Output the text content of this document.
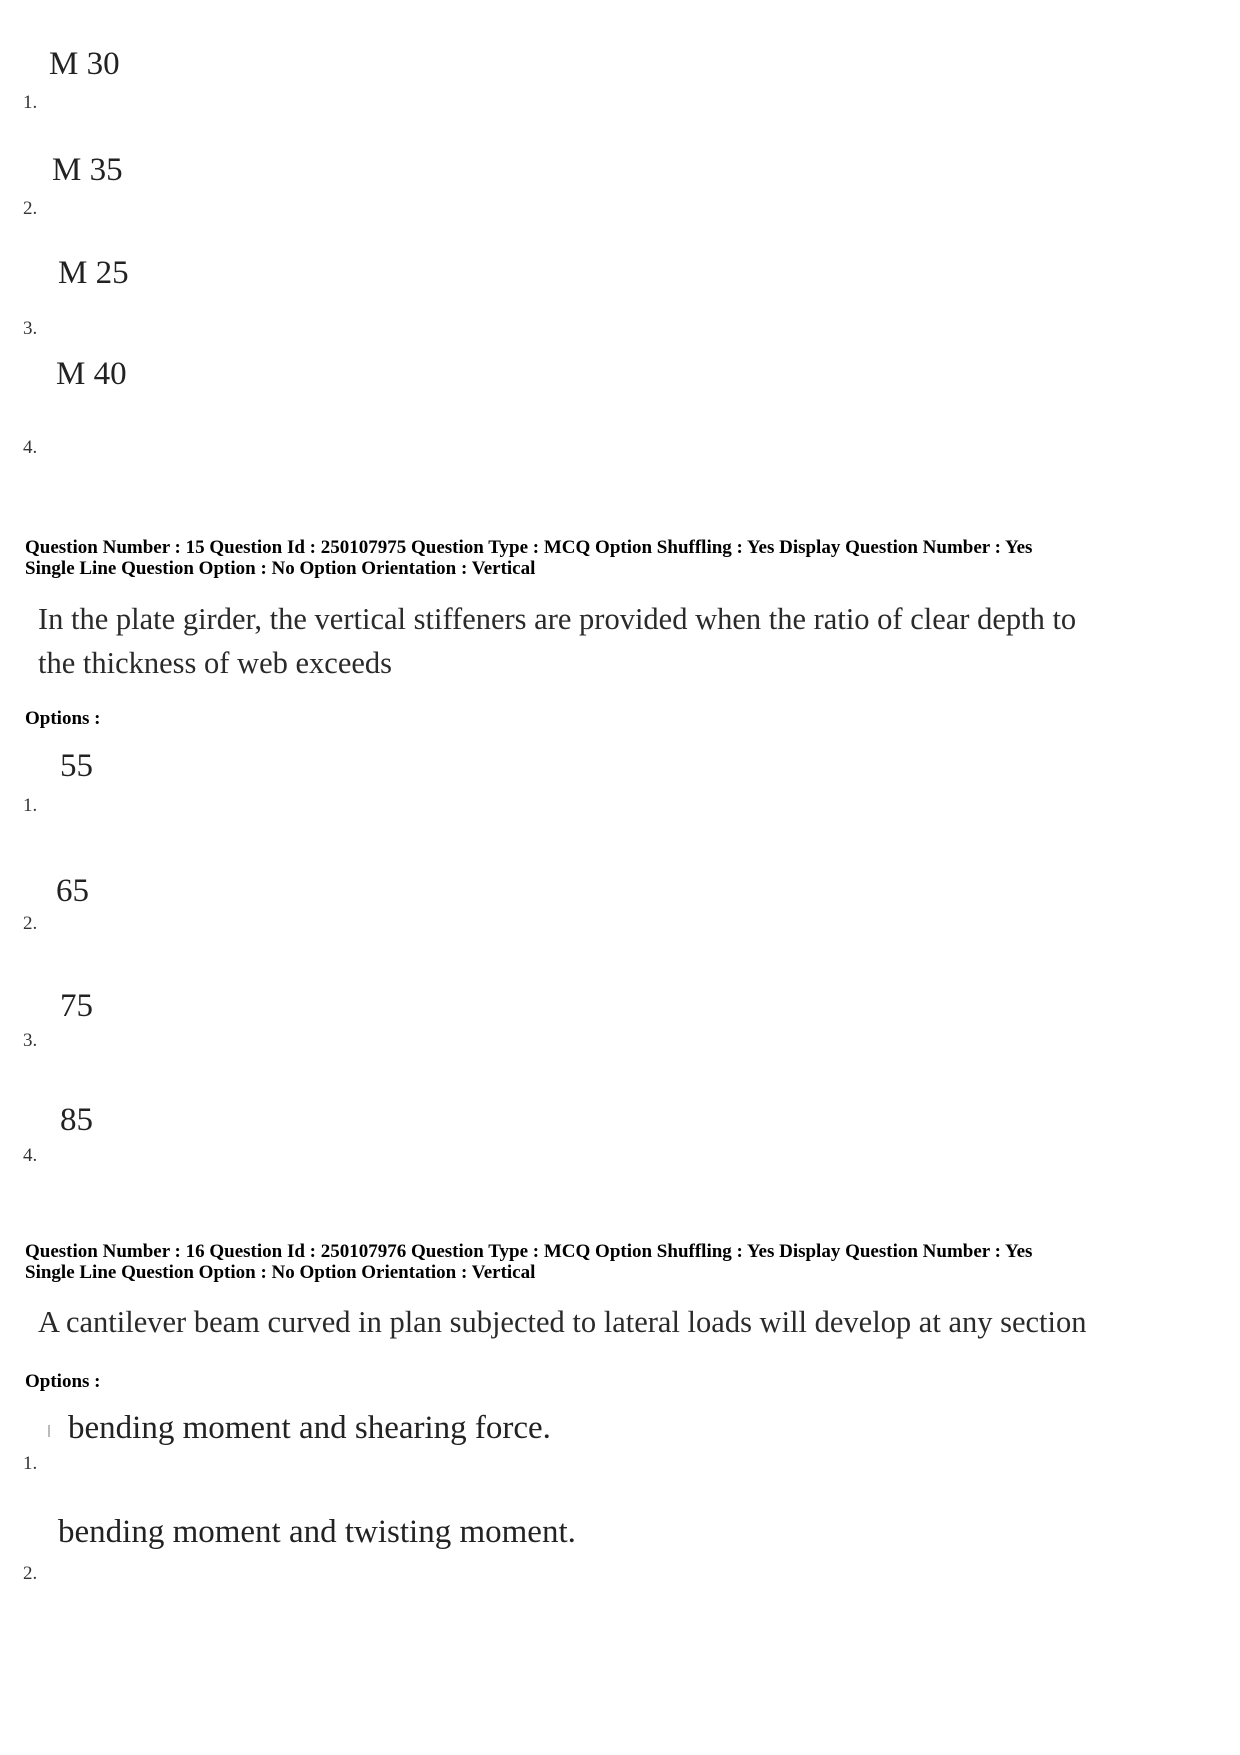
M 30
1.
M 35
2.
M 25
3.
M 40
4.
Question Number : 15 Question Id : 250107975 Question Type : MCQ Option Shuffling : Yes Display Question Number : Yes
Single Line Question Option : No Option Orientation : Vertical
In the plate girder, the vertical stiffeners are provided when the ratio of clear depth to
the thickness of web exceeds
Options :
55
1.
65
2.
75
3.
85
4.
Question Number : 16 Question Id : 250107976 Question Type : MCQ Option Shuffling : Yes Display Question Number : Yes
Single Line Question Option : No Option Orientation : Vertical
A cantilever beam curved in plan subjected to lateral loads will develop at any section
Options :
bending moment and shearing force.
1.
bending moment and twisting moment.
2.
